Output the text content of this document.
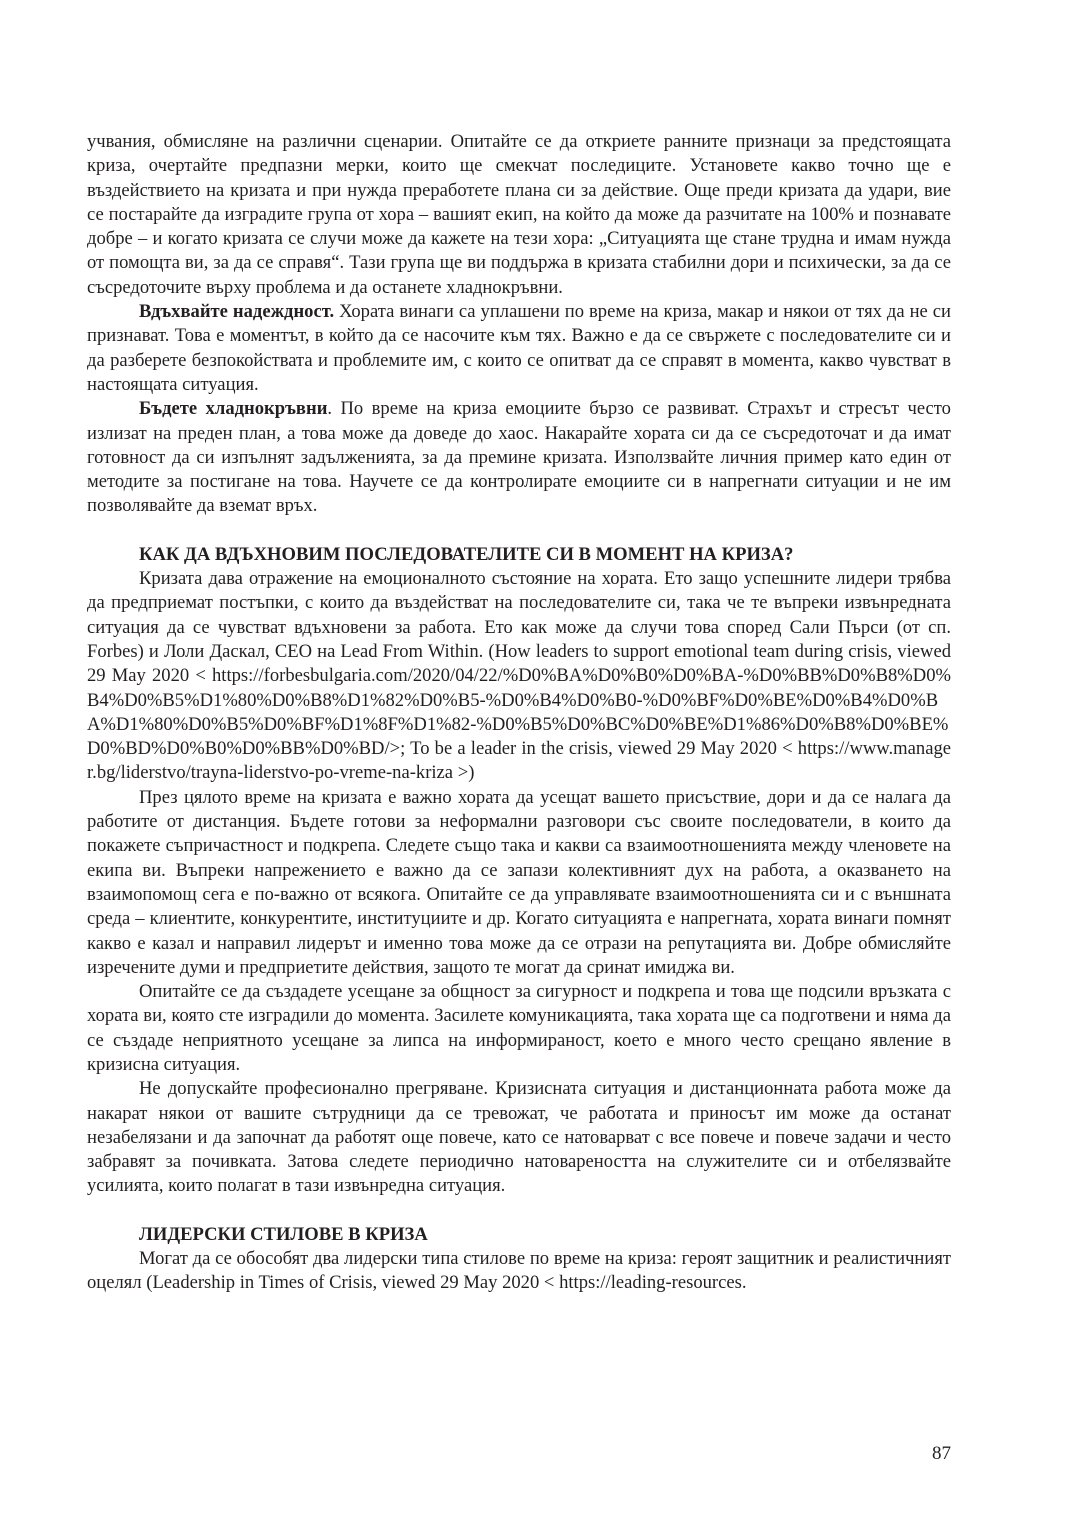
учвания, обмисляне на различни сценарии. Опитайте се да откриете ранните признаци за предстоящата криза, очертайте предпазни мерки, които ще смекчат последиците. Установете какво точно ще е въздействието на кризата и при нужда преработете плана си за действие. Още преди кризата да удари, вие се постарайте да изградите група от хора – вашият екип, на който да може да разчитате на 100% и познавате добре – и когато кризата се случи може да кажете на тези хора: „Ситуацията ще стане трудна и имам нужда от помощта ви, за да се справя“. Тази група ще ви поддържа в кризата стабилни дори и психически, за да се съсредоточите върху проблема и да останете хладнокръвни.

Вдъхвайте надеждност. Хората винаги са уплашени по време на криза, макар и някои от тях да не си признават. Това е моментът, в който да се насочите към тях. Важно е да се свържете с последователите си и да разберете безпокойствата и проблемите им, с които се опитват да се справят в момента, какво чувстват в настоящата ситуация.

Бъдете хладнокръвни. По време на криза емоциите бързо се развиват. Страхът и стресът често излизат на преден план, а това може да доведе до хаос. Накарайте хората си да се съсредоточат и да имат готовност да си изпълнят задълженията, за да премине кризата. Използвайте личния пример като един от методите за постигане на това. Научете се да контролирате емоциите си в напрегнати ситуации и не им позволявайте да вземат връх.

КАК ДА ВДЪХНОВИМ ПОСЛЕДОВАТЕЛИТЕ СИ В МОМЕНТ НА КРИЗА?

Кризата дава отражение на емоционалното състояние на хората. Ето защо успешните лидери трябва да предприемат постъпки, с които да въздействат на последователите си, така че те въпреки извънредната ситуация да се чувстват вдъхновени за работа. Ето как може да случи това според Сали Пърси (от сп. Forbes) и Лоли Даскал, CEO на Lead From Within. (How leaders to support emotional team during crisis, viewed 29 May 2020 < https://forbesbulgaria.com/2020/04/22/%D0%BA%D0%B0%D0%BA-%D0%BB%D0%B8%D0%B4%D0%B5%D1%80%D0%B8%D1%82%D0%B5-%D0%B4%D0%B0-%D0%BF%D0%BE%D0%B4%D0%BA%D1%80%D0%B5%D0%BF%D1%8F%D1%82-%D0%B5%D0%BC%D0%BE%D1%86%D0%B8%D0%BE%D0%BD%D0%B0%D0%BB%D0%BD/>; To be a leader in the crisis, viewed 29 May 2020 < https://www.manager.bg/liderstvo/trayna-liderstvo-po-vreme-na-kriza >)

През цялото време на кризата е важно хората да усещат вашето присъствие, дори и да се налага да работите от дистанция. Бъдете готови за неформални разговори със своите последователи, в които да покажете съпричастност и подкрепа. Следете също така и какви са взаимоотношенията между членовете на екипа ви. Въпреки напрежението е важно да се запази колективният дух на работа, а оказването на взаимопомощ сега е по-важно от всякога. Опитайте се да управлявате взаимоотношенията си и с външната среда – клиентите, конкурентите, институциите и др. Когато ситуацията е напрегната, хората винаги помнят какво е казал и направил лидерът и именно това може да се отрази на репутацията ви. Добре обмисляйте изречените думи и предприетите действия, защото те могат да сринат имиджа ви.

Опитайте се да създадете усещане за общност за сигурност и подкрепа и това ще подсили връзката с хората ви, която сте изградили до момента. Засилете комуникацията, така хората ще са подготвени и няма да се създаде неприятното усещане за липса на информираност, което е много често срещано явление в кризисна ситуация.

Не допускайте професионално прегряване. Кризисната ситуация и дистанционната работа може да накарат някои от вашите сътрудници да се тревожат, че работата и приносът им може да останат незабелязани и да започнат да работят още повече, като се натоварват с все повече и повече задачи и често забравят за почивката. Затова следете периодично натовареността на служителите си и отбелязвайте усилията, които полагат в тази извънредна ситуация.

ЛИДЕРСКИ СТИЛОВЕ В КРИЗА

Могат да се обособят два лидерски типа стилове по време на криза: героят защитник и реалистичният оцелял (Leadership in Times of Crisis, viewed 29 May 2020 < https://leading-resources.

87
